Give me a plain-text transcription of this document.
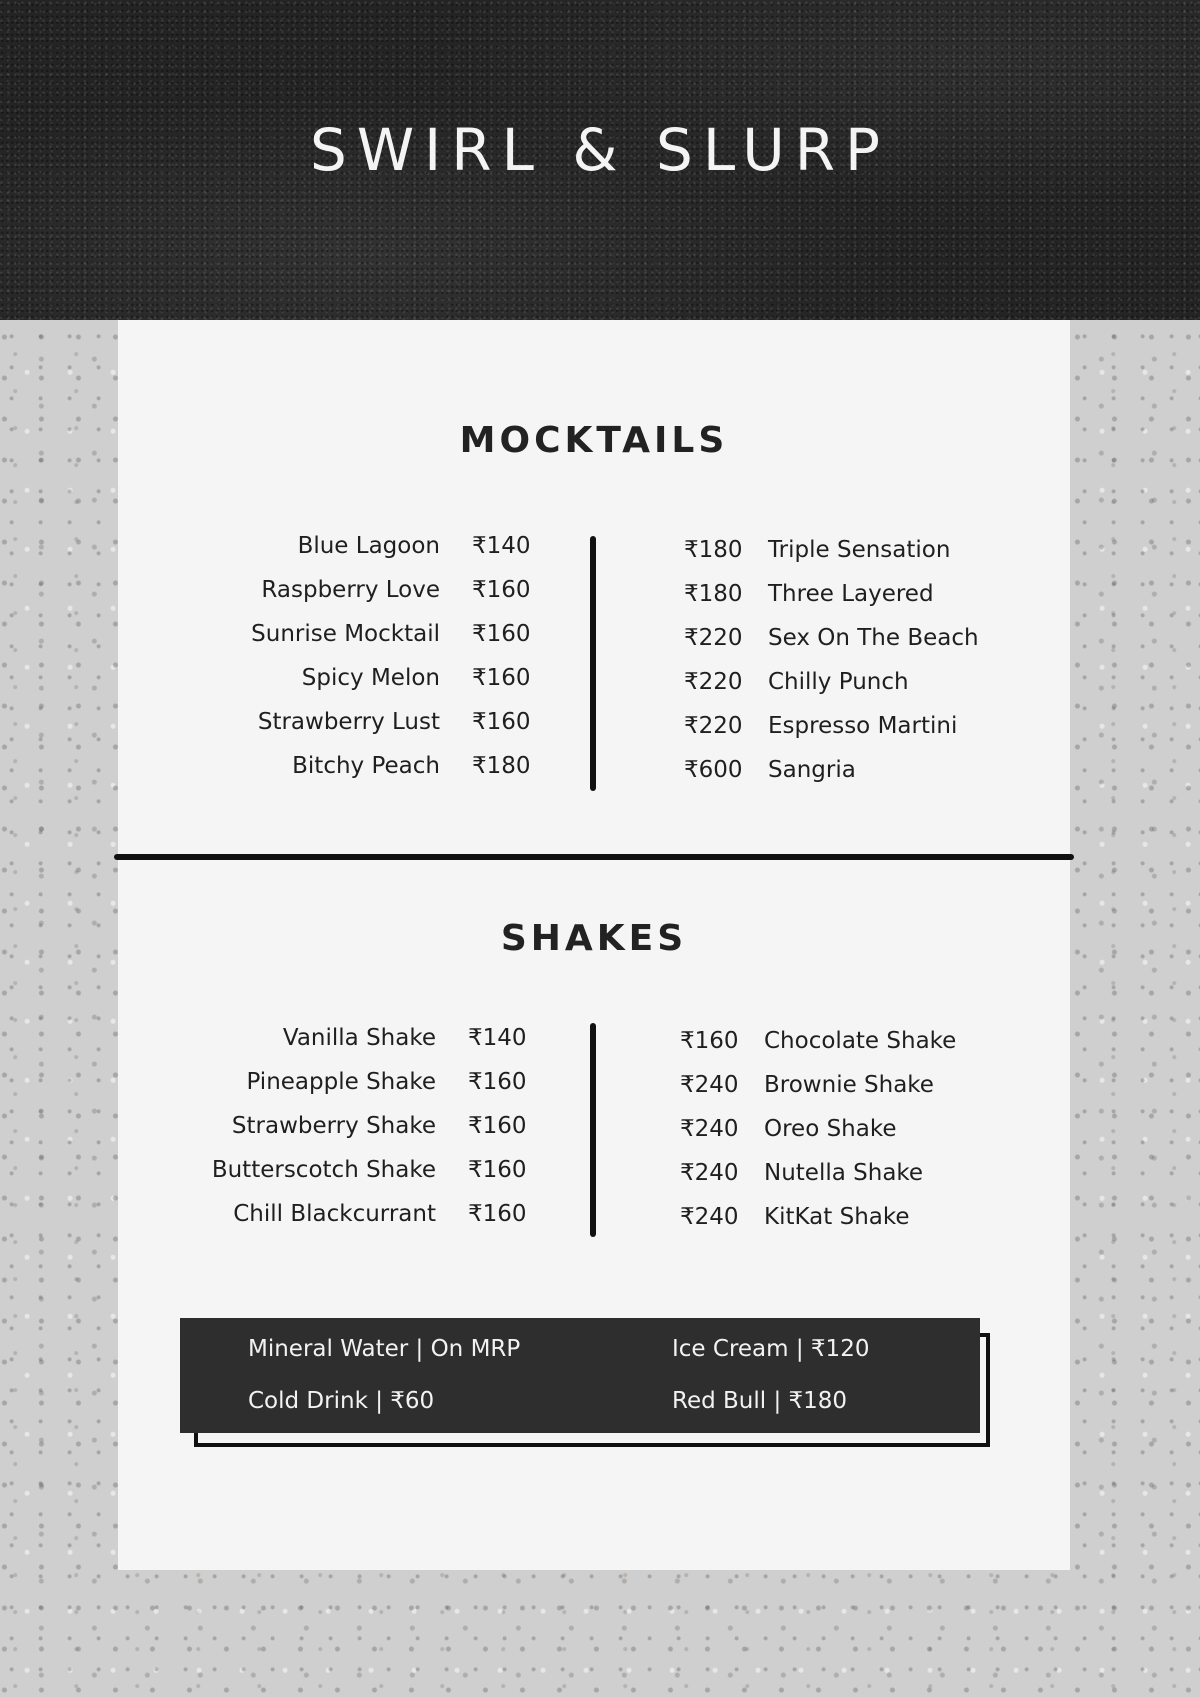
SWIRL & SLURP
MOCKTAILS
Blue Lagoon ₹140
Raspberry Love ₹160
Sunrise Mocktail ₹160
Spicy Melon ₹160
Strawberry Lust ₹160
Bitchy Peach ₹180
₹180	Triple Sensation
₹180	Three Layered
₹220	Sex On The Beach
₹220	Chilly Punch
₹220	Espresso Martini
₹600	Sangria
SHAKES
Vanilla Shake ₹140
Pineapple Shake ₹160
Strawberry Shake ₹160
Butterscotch Shake ₹160
Chill Blackcurrant ₹160
₹160	Chocolate Shake
₹240	Brownie Shake
₹240	Oreo Shake
₹240	Nutella Shake
₹240	KitKat Shake
Mineral Water | On MRP	Ice Cream | ₹120
Cold Drink | ₹60	Red Bull | ₹180
